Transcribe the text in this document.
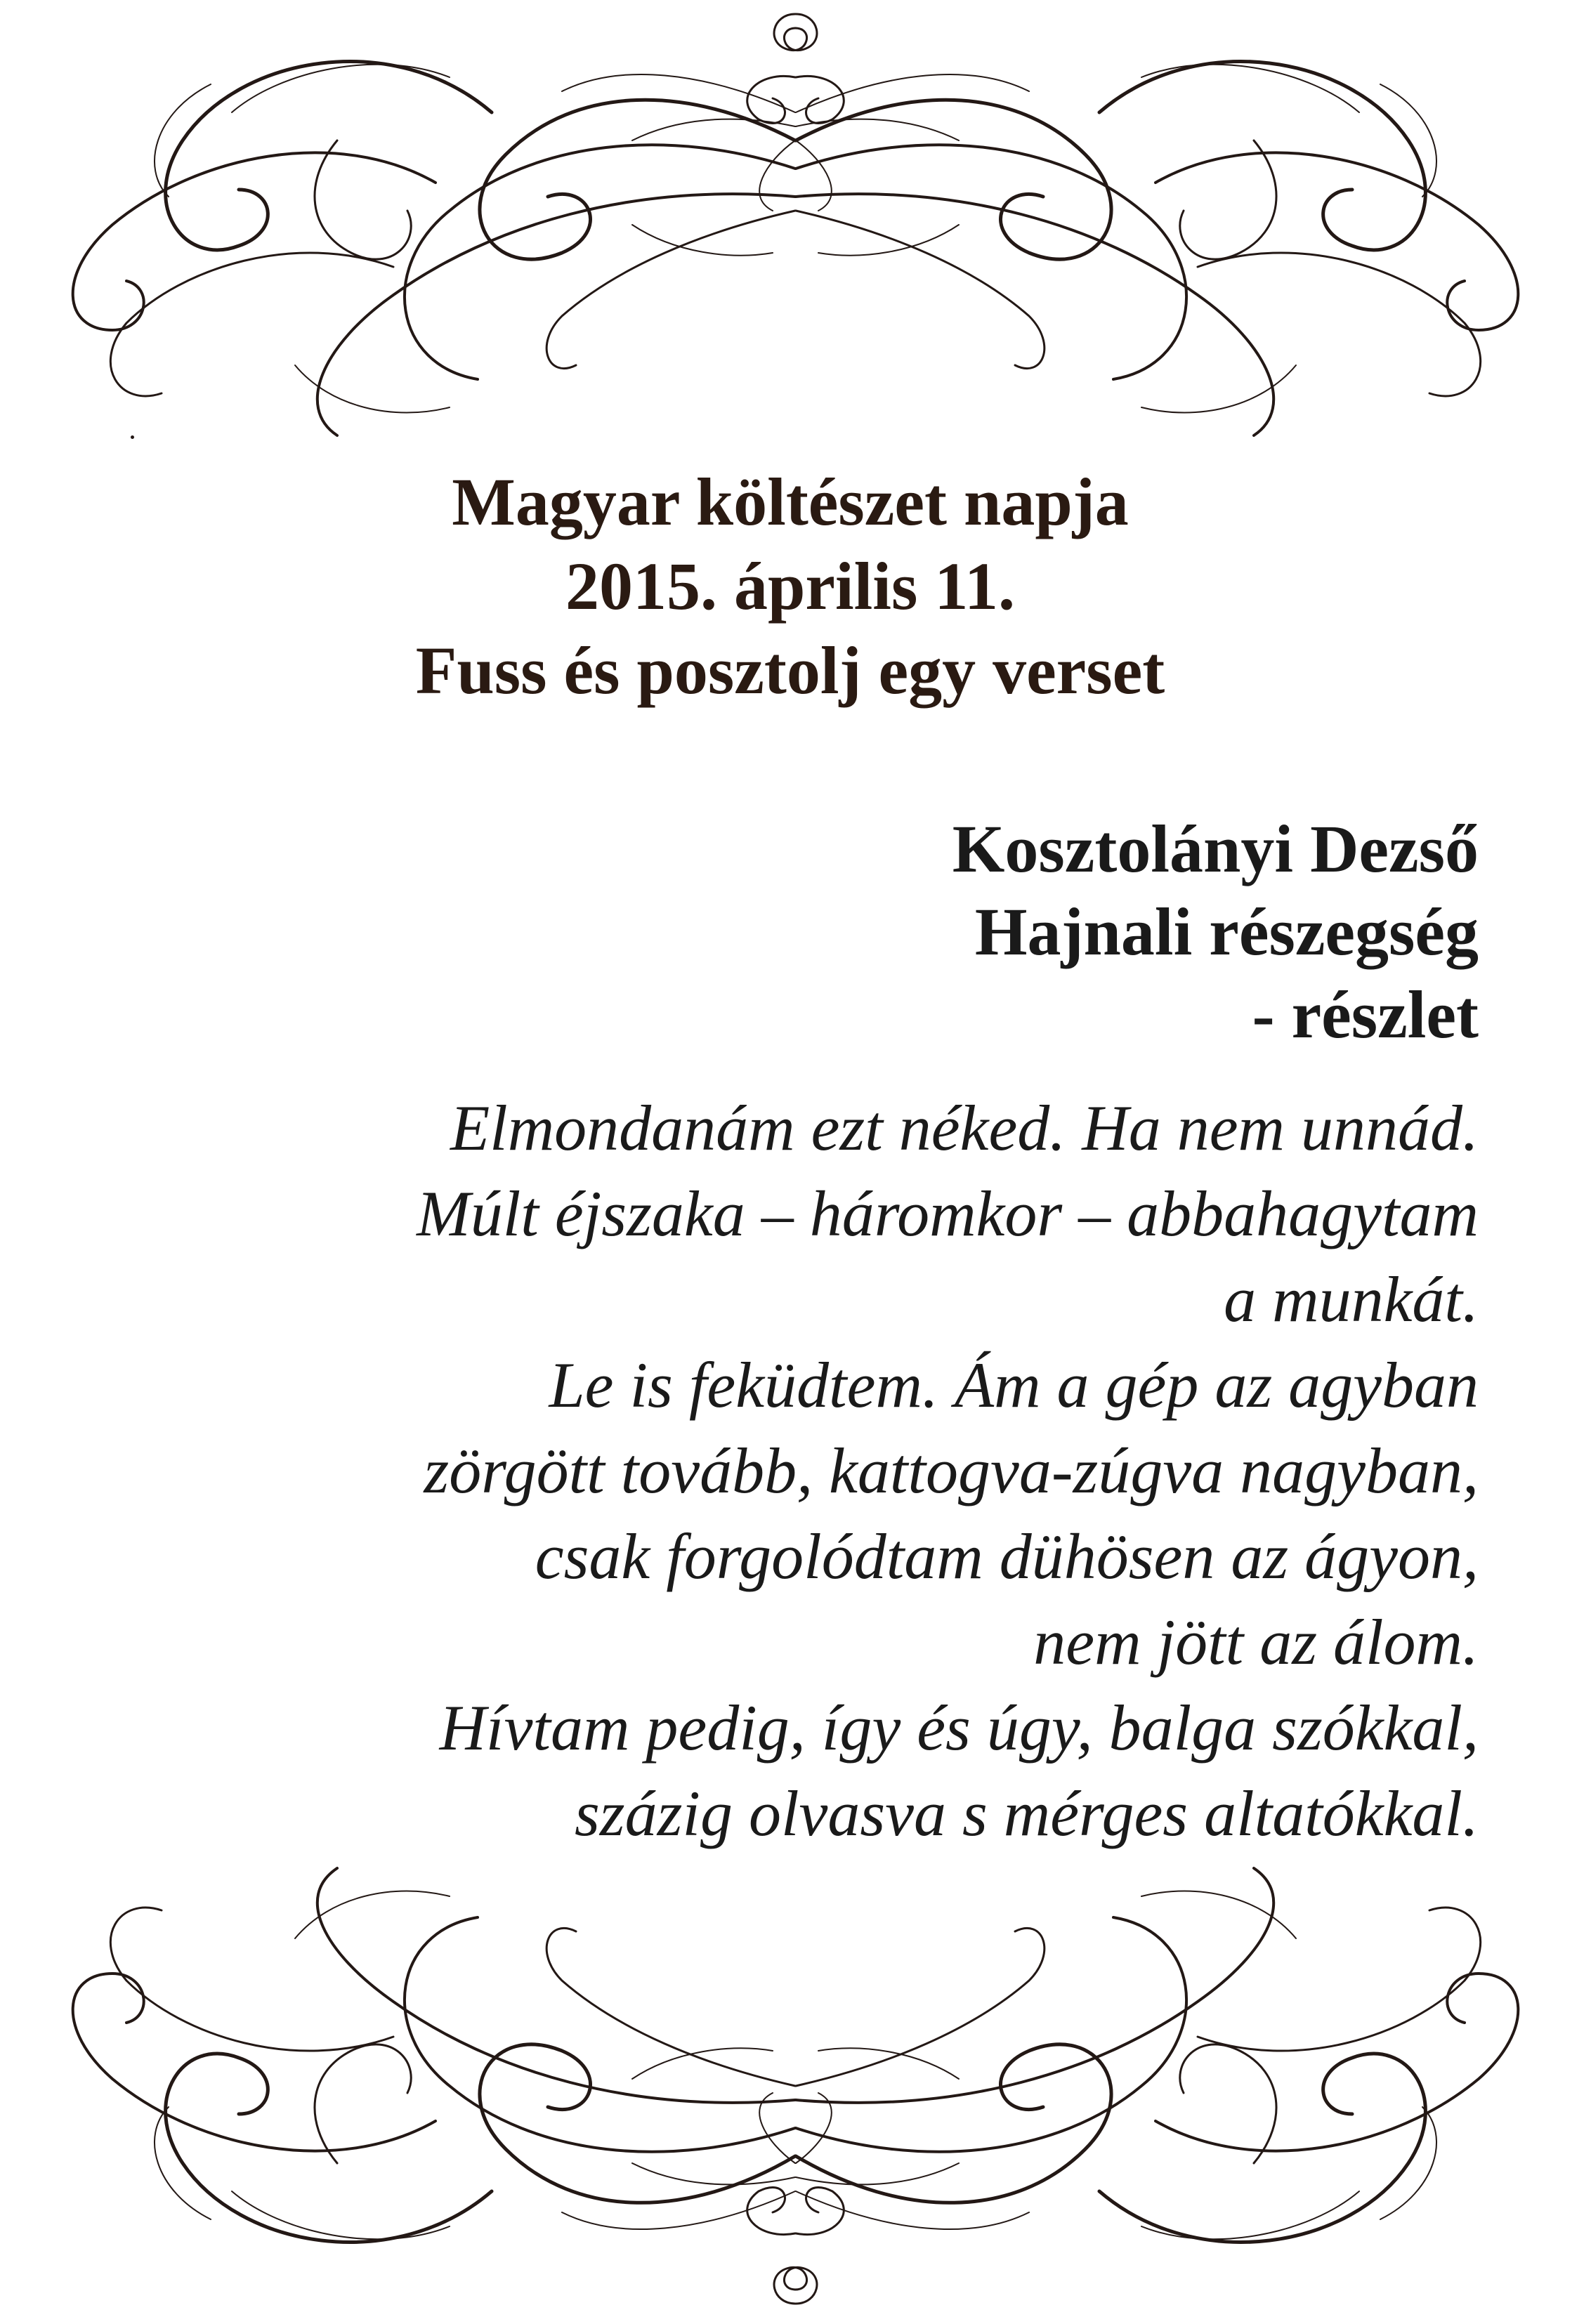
Magyar költészet napja
2015. április 11.
Fuss és posztolj egy verset
Kosztolányi Dezső
Hajnali részegség
- részlet
Elmondanám ezt néked. Ha nem unnád.
Múlt éjszaka – háromkor – abbahagytam
a munkát.
Le is feküdtem. Ám a gép az agyban
zörgött tovább, kattogva-zúgva nagyban,
csak forgolódtam dühösen az ágyon,
nem jött az álom.
Hívtam pedig, így és úgy, balga szókkal,
százig olvasva s mérges altatókkal.
